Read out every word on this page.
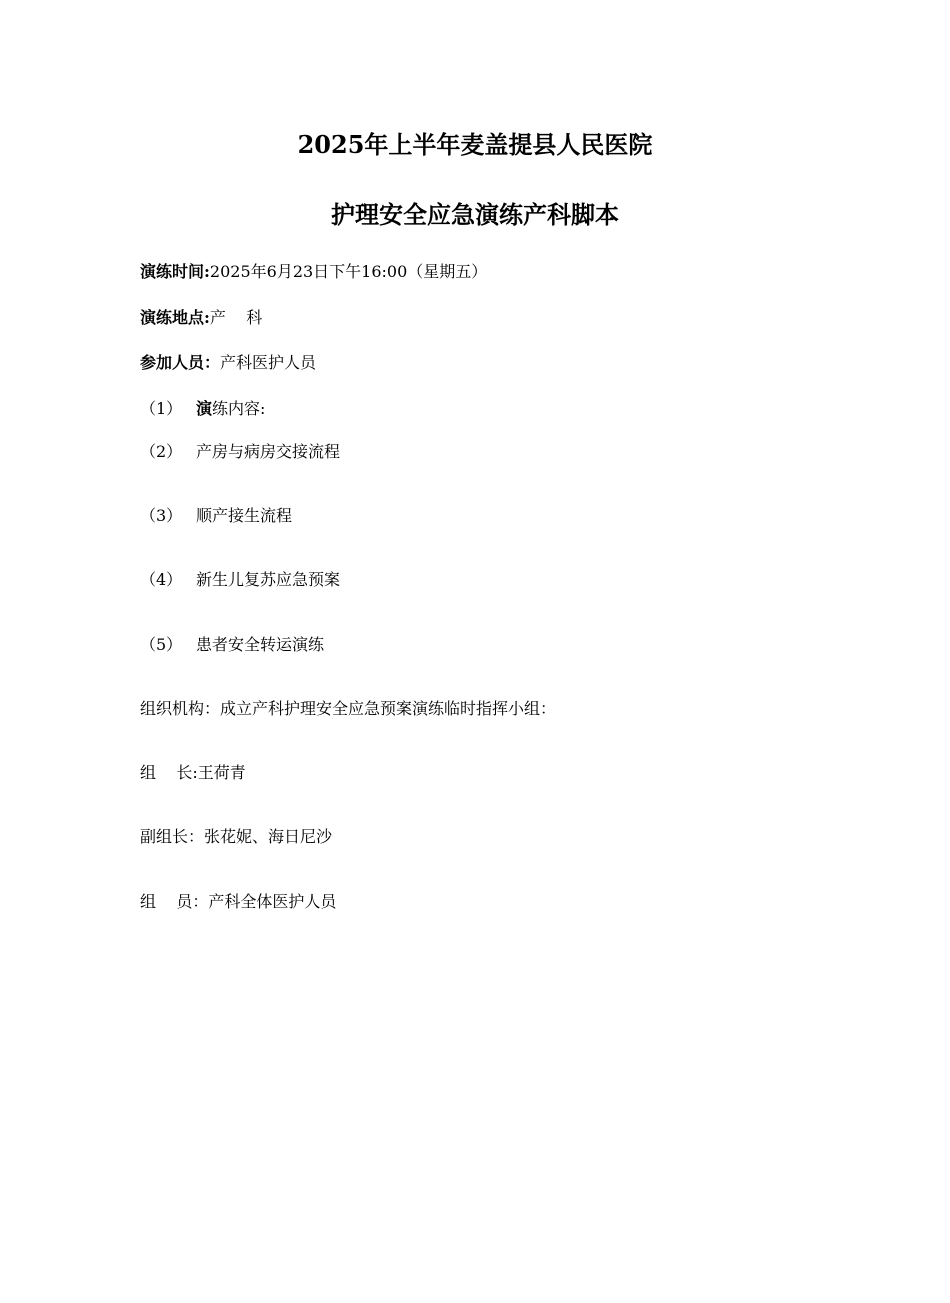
2025年上半年麦盖提县人民医院
护理安全应急演练产科脚本
演练时间:2025年6月23日下午16:00（星期五）
演练地点:产    科
参加人员：产科医护人员
（1） 演练内容:
（2） 产房与病房交接流程
（3） 顺产接生流程
（4） 新生儿复苏应急预案
（5） 患者安全转运演练
组织机构：成立产科护理安全应急预案演练临时指挥小组：
组    长:王荷青
副组长：张花妮、海日尼沙
组    员：产科全体医护人员
